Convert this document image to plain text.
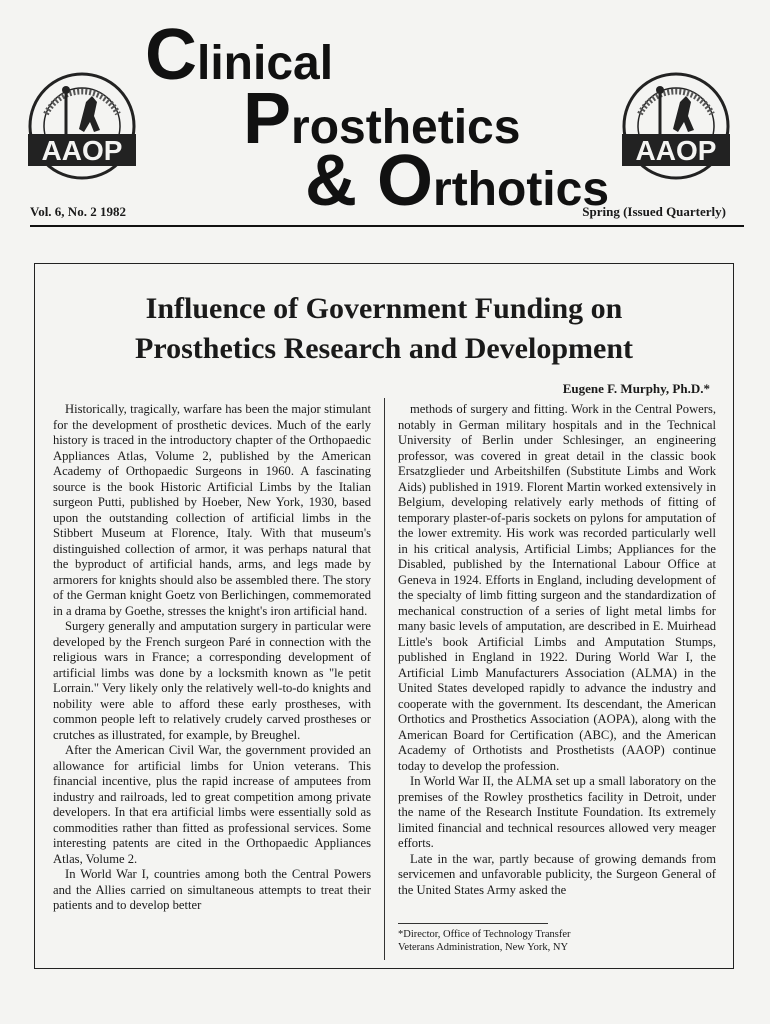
AAOP
Clinical
Prosthetics
& Orthotics
AAOP
Vol. 6, No. 2 1982	Spring (Issued Quarterly)
Influence of Government Funding on
Prosthetics Research and Development
Eugene F. Murphy, Ph.D.*

Historically, tragically, warfare has been the major stimulant for the development of prosthetic devices. Much of the early history is traced in the introductory chapter of the Orthopaedic Appliances Atlas, Volume 2, published by the American Academy of Orthopaedic Surgeons in 1960. A fascinating source is the book Historic Artificial Limbs by the Italian surgeon Putti, published by Hoeber, New York, 1930, based upon the outstanding collection of artificial limbs in the Stibbert Museum at Florence, Italy. With that museum's distinguished collection of armor, it was perhaps natural that the byproduct of artificial hands, arms, and legs made by armorers for knights should also be assembled there. The story of the German knight Goetz von Berlichingen, commemorated in a drama by Goethe, stresses the knight's iron artificial hand.

Surgery generally and amputation surgery in particular were developed by the French surgeon Paré in connection with the religious wars in France; a corresponding development of artificial limbs was done by a locksmith known as "le petit Lorrain." Very likely only the relatively well-to-do knights and nobility were able to afford these early prostheses, with common people left to relatively crudely carved prostheses or crutches as illustrated, for example, by Breughel.

After the American Civil War, the government provided an allowance for artificial limbs for Union veterans. This financial incentive, plus the rapid increase of amputees from industry and railroads, led to great competition among private developers. In that era artificial limbs were essentially sold as commodities rather than fitted as professional services. Some interesting patents are cited in the Orthopaedic Appliances Atlas, Volume 2.

In World War I, countries among both the Central Powers and the Allies carried on simultaneous attempts to treat their patients and to develop better

methods of surgery and fitting. Work in the Central Powers, notably in German military hospitals and in the Technical University of Berlin under Schlesinger, an engineering professor, was covered in great detail in the classic book Ersatzglieder und Arbeitshilfen (Substitute Limbs and Work Aids) published in 1919. Florent Martin worked extensively in Belgium, developing relatively early methods of fitting of temporary plaster-of-paris sockets on pylons for amputation of the lower extremity. His work was recorded particularly well in his critical analysis, Artificial Limbs; Appliances for the Disabled, published by the International Labour Office at Geneva in 1924. Efforts in England, including development of the specialty of limb fitting surgeon and the standardization of mechanical construction of a series of light metal limbs for many basic levels of amputation, are described in E. Muirhead Little's book Artificial Limbs and Amputation Stumps, published in England in 1922. During World War I, the Artificial Limb Manufacturers Association (ALMA) in the United States developed rapidly to advance the industry and cooperate with the government. Its descendant, the American Orthotics and Prosthetics Association (AOPA), along with the American Board for Certification (ABC), and the American Academy of Orthotists and Prosthetists (AAOP) continue today to develop the profession.

In World War II, the ALMA set up a small laboratory on the premises of the Rowley prosthetics facility in Detroit, under the name of the Research Institute Foundation. Its extremely limited financial and technical resources allowed very meager efforts.

Late in the war, partly because of growing demands from servicemen and unfavorable publicity, the Surgeon General of the United States Army asked the

*Director, Office of Technology Transfer
Veterans Administration, New York, NY
